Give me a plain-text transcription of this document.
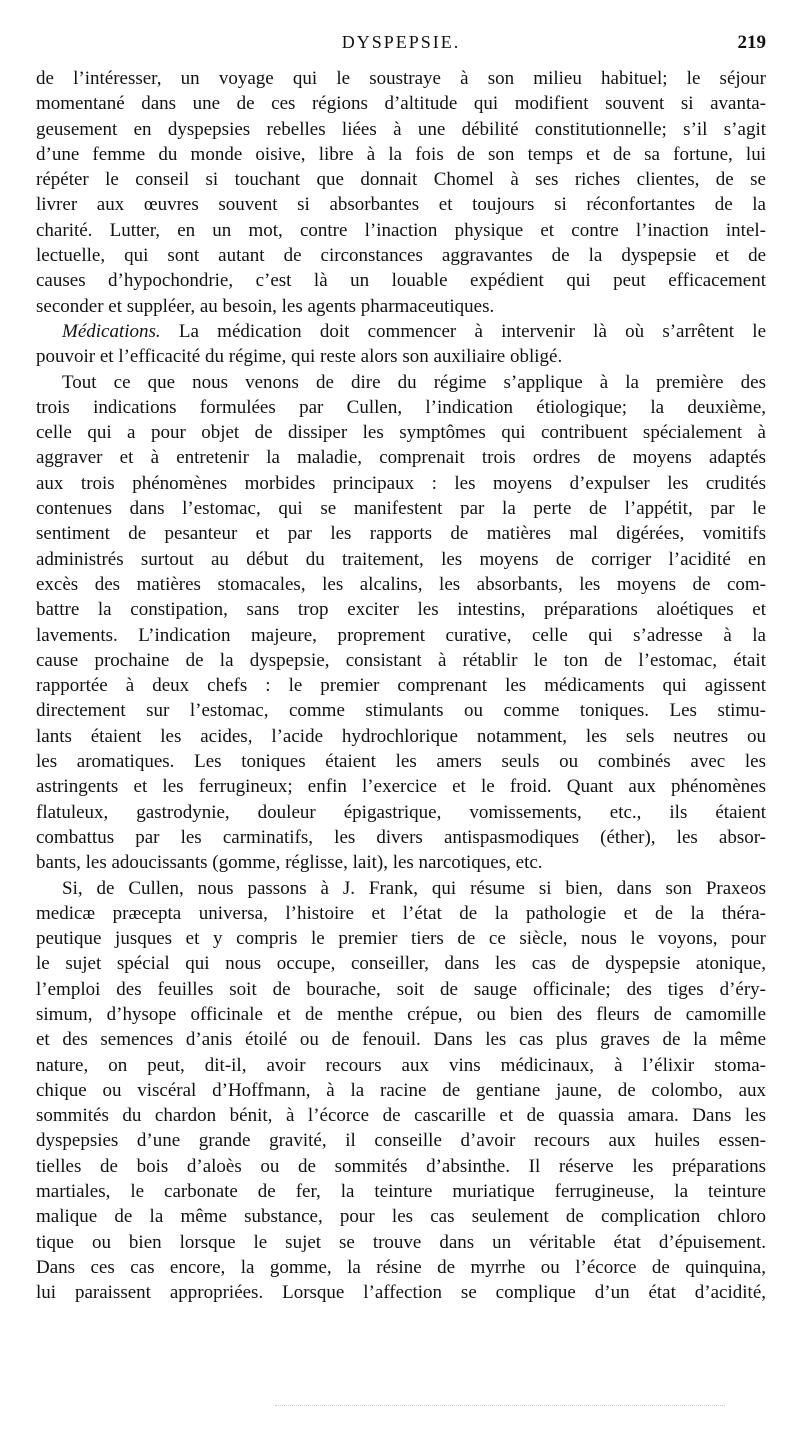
DYSPEPSIE.	219
de l’intéresser, un voyage qui le soustraye à son milieu habituel; le séjour
momentané dans une de ces régions d’altitude qui modifient souvent si avanta-
geusement en dyspepsies rebelles liées à une débilité constitutionnelle; s’il s’agit
d’une femme du monde oisive, libre à la fois de son temps et de sa fortune, lui
répéter le conseil si touchant que donnait Chomel à ses riches clientes, de se
livrer aux œuvres souvent si absorbantes et toujours si réconfortantes de la
charité. Lutter, en un mot, contre l’inaction physique et contre l’inaction intel-
lectuelle, qui sont autant de circonstances aggravantes de la dyspepsie et de
causes d’hypochondrie, c’est là un louable expédient qui peut efficacement
seconder et suppléer, au besoin, les agents pharmaceutiques.
Médications. La médication doit commencer à intervenir là où s’arrêtent le
pouvoir et l’efficacité du régime, qui reste alors son auxiliaire obligé.
Tout ce que nous venons de dire du régime s’applique à la première des
trois indications formulées par Cullen, l’indication étiologique; la deuxième,
celle qui a pour objet de dissiper les symptômes qui contribuent spécialement à
aggraver et à entretenir la maladie, comprenait trois ordres de moyens adaptés
aux trois phénomènes morbides principaux : les moyens d’expulser les crudités
contenues dans l’estomac, qui se manifestent par la perte de l’appétit, par le
sentiment de pesanteur et par les rapports de matières mal digérées, vomitifs
administrés surtout au début du traitement, les moyens de corriger l’acidité en
excès des matières stomacales, les alcalins, les absorbants, les moyens de com-
battre la constipation, sans trop exciter les intestins, préparations aloétiques et
lavements. L’indication majeure, proprement curative, celle qui s’adresse à la
cause prochaine de la dyspepsie, consistant à rétablir le ton de l’estomac, était
rapportée à deux chefs : le premier comprenant les médicaments qui agissent
directement sur l’estomac, comme stimulants ou comme toniques. Les stimu-
lants étaient les acides, l’acide hydrochlorique notamment, les sels neutres ou
les aromatiques. Les toniques étaient les amers seuls ou combinés avec les
astringents et les ferrugineux; enfin l’exercice et le froid. Quant aux phénomènes
flatuleux, gastrodynie, douleur épigastrique, vomissements, etc., ils étaient
combattus par les carminatifs, les divers antispasmodiques (éther), les absor-
bants, les adoucissants (gomme, réglisse, lait), les narcotiques, etc.
Si, de Cullen, nous passons à J. Frank, qui résume si bien, dans son Praxeos
medicæ præcepta universa, l’histoire et l’état de la pathologie et de la théra-
peutique jusques et y compris le premier tiers de ce siècle, nous le voyons, pour
le sujet spécial qui nous occupe, conseiller, dans les cas de dyspepsie atonique,
l’emploi des feuilles soit de bourache, soit de sauge officinale; des tiges d’éry-
simum, d’hysope officinale et de menthe crépue, ou bien des fleurs de camomille
et des semences d’anis étoilé ou de fenouil. Dans les cas plus graves de la même
nature, on peut, dit-il, avoir recours aux vins médicinaux, à l’élixir stoma-
chique ou viscéral d’Hoffmann, à la racine de gentiane jaune, de colombo, aux
sommités du chardon bénit, à l’écorce de cascarille et de quassia amara. Dans les
dyspepsies d’une grande gravité, il conseille d’avoir recours aux huiles essen-
tielles de bois d’aloès ou de sommités d’absinthe. Il réserve les préparations
martiales, le carbonate de fer, la teinture muriatique ferrugineuse, la teinture
malique de la même substance, pour les cas seulement de complication chloro
tique ou bien lorsque le sujet se trouve dans un véritable état d’épuisement.
Dans ces cas encore, la gomme, la résine de myrrhe ou l’écorce de quinquina,
lui paraissent appropriées. Lorsque l’affection se complique d’un état d’acidité,
